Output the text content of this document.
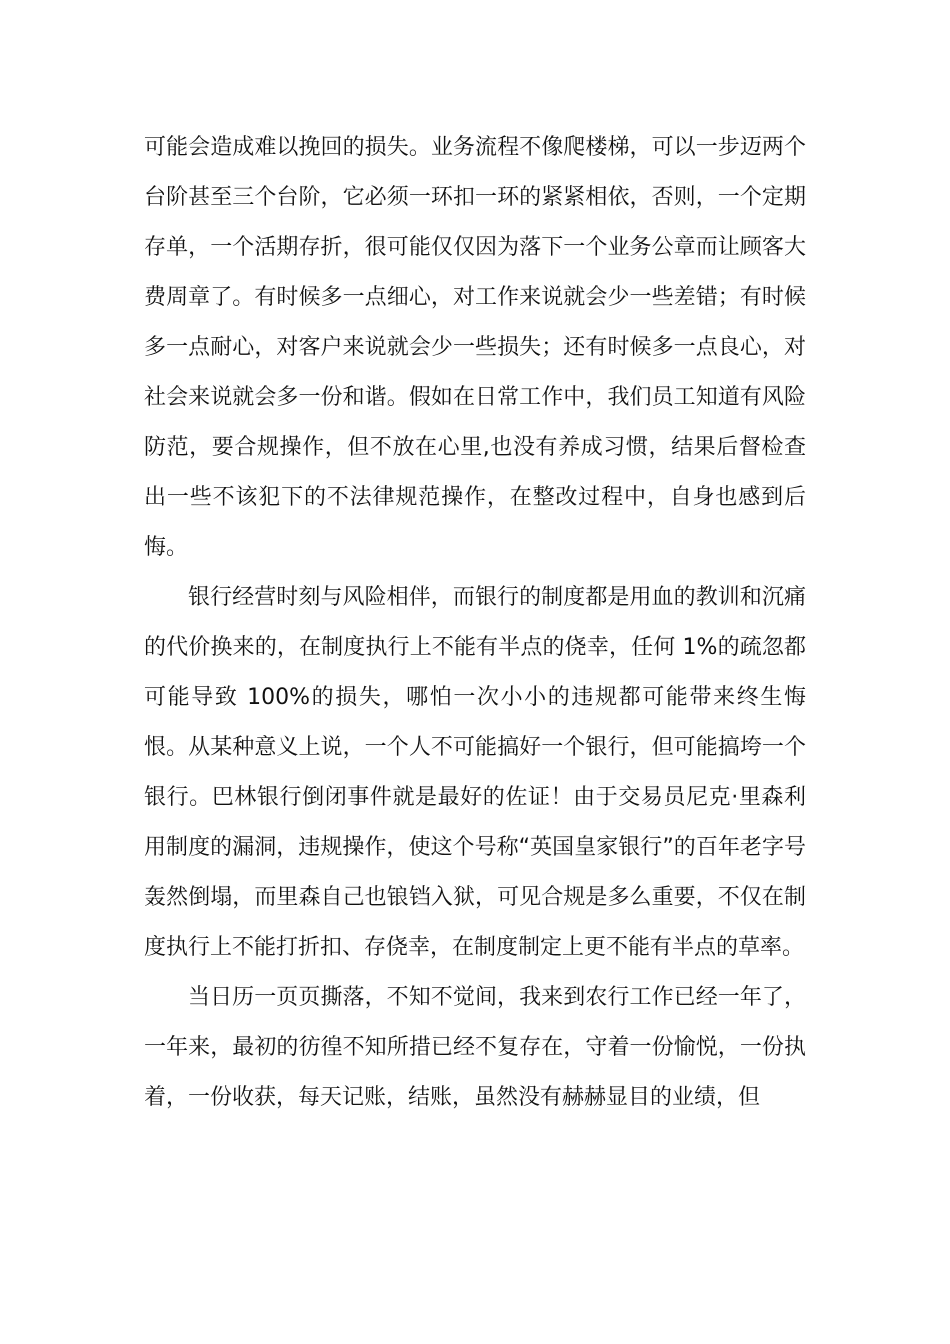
可能会造成难以挽回的损失。业务流程不像爬楼梯，可以一步迈两个台阶甚至三个台阶，它必须一环扣一环的紧紧相依，否则，一个定期存单，一个活期存折，很可能仅仅因为落下一个业务公章而让顾客大费周章了。有时候多一点细心，对工作来说就会少一些差错；有时候多一点耐心，对客户来说就会少一些损失；还有时候多一点良心，对社会来说就会多一份和谐。假如在日常工作中，我们员工知道有风险防范，要合规操作，但不放在心里,也没有养成习惯，结果后督检查出一些不该犯下的不法律规范操作，在整改过程中，自身也感到后悔。

银行经营时刻与风险相伴，而银行的制度都是用血的教训和沉痛的代价换来的，在制度执行上不能有半点的侥幸，任何 1%的疏忽都可能导致 100%的损失，哪怕一次小小的违规都可能带来终生悔恨。从某种意义上说，一个人不可能搞好一个银行，但可能搞垮一个银行。巴林银行倒闭事件就是最好的佐证！由于交易员尼克·里森利用制度的漏洞，违规操作，使这个号称“英国皇家银行”的百年老字号轰然倒塌，而里森自己也锒铛入狱，可见合规是多么重要，不仅在制度执行上不能打折扣、存侥幸，在制度制定上更不能有半点的草率。

当日历一页页撕落，不知不觉间，我来到农行工作已经一年了，一年来，最初的彷徨不知所措已经不复存在，守着一份愉悦，一份执着，一份收获，每天记账，结账，虽然没有赫赫显目的业绩，但
